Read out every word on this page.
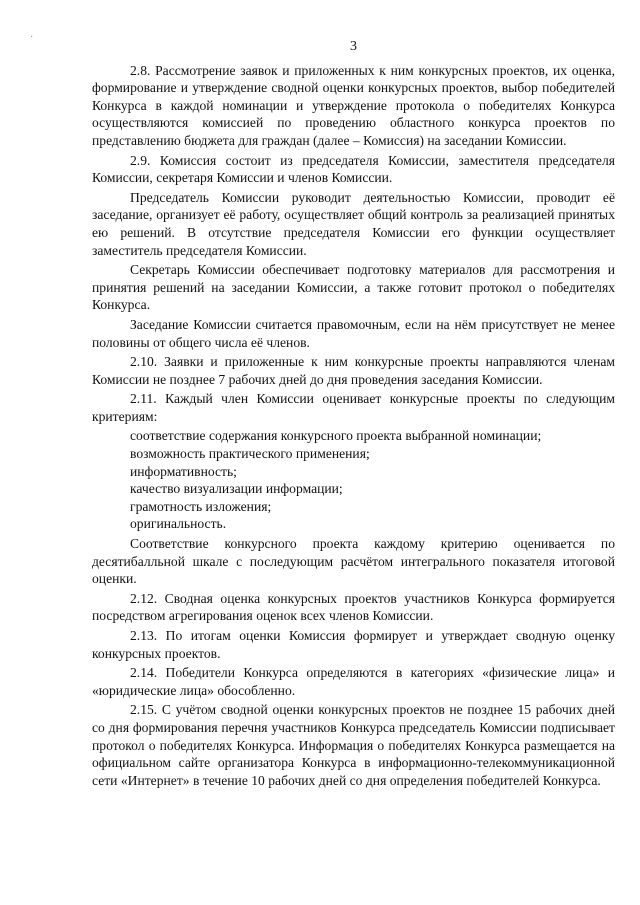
·
3

2.8. Рассмотрение заявок и приложенных к ним конкурсных проектов, их оценка, формирование и утверждение сводной оценки конкурсных проектов, выбор победителей Конкурса в каждой номинации и утверждение протокола о победителях Конкурса осуществляются комиссией по проведению областного конкурса проектов по представлению бюджета для граждан (далее – Комиссия) на заседании Комиссии.

2.9. Комиссия состоит из председателя Комиссии, заместителя председателя Комиссии, секретаря Комиссии и членов Комиссии.

Председатель Комиссии руководит деятельностью Комиссии, проводит её заседание, организует её работу, осуществляет общий контроль за реализацией принятых ею решений. В отсутствие председателя Комиссии его функции осуществляет заместитель председателя Комиссии.

Секретарь Комиссии обеспечивает подготовку материалов для рассмотрения и принятия решений на заседании Комиссии, а также готовит протокол о победителях Конкурса.

Заседание Комиссии считается правомочным, если на нём присутствует не менее половины от общего числа её членов.

2.10. Заявки и приложенные к ним конкурсные проекты направляются членам Комиссии не позднее 7 рабочих дней до дня проведения заседания Комиссии.

2.11. Каждый член Комиссии оценивает конкурсные проекты по следующим критериям:

соответствие содержания конкурсного проекта выбранной номинации;
возможность практического применения;
информативность;
качество визуализации информации;
грамотность изложения;
оригинальность.

Соответствие конкурсного проекта каждому критерию оценивается по десятибалльной шкале с последующим расчётом интегрального показателя итоговой оценки.

2.12. Сводная оценка конкурсных проектов участников Конкурса формируется посредством агрегирования оценок всех членов Комиссии.

2.13. По итогам оценки Комиссия формирует и утверждает сводную оценку конкурсных проектов.

2.14. Победители Конкурса определяются в категориях «физические лица» и «юридические лица» обособленно.

2.15. С учётом сводной оценки конкурсных проектов не позднее 15 рабочих дней со дня формирования перечня участников Конкурса председатель Комиссии подписывает протокол о победителях Конкурса. Информация о победителях Конкурса размещается на официальном сайте организатора Конкурса в информационно-телекоммуникационной сети «Интернет» в течение 10 рабочих дней со дня определения победителей Конкурса.
